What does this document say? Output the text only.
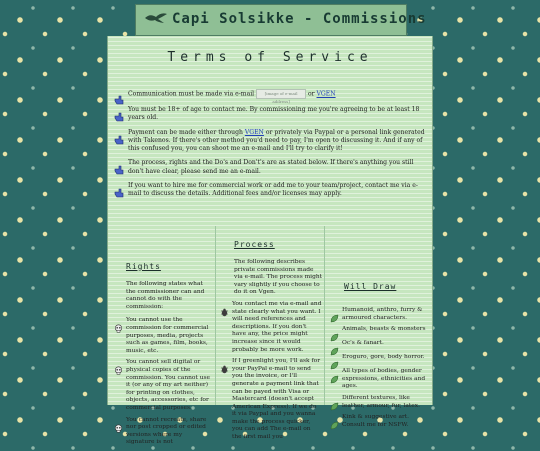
Capi Solsikke - Commissions
Terms of Service
Communication must be made via e-mail [image of e-mail address] or VGEN
You must be 18+ of age to contact me. By commissioning me you're agreeing to be at least 18 years old.
Payment can be made either through VGEN or privately via Paypal or a personal link generated with Takenos. If there's other method you'd need to pay, I'm open to discussing it. And if any of this confused you, you can shoot me an e-mail and I'll try to clarify it!
The process, rights and the Do's and Don't's are as stated below. If there's anything you still don't have clear, please send me an e-mail.
If you want to hire me for commercial work or add me to your team/project, contact me via e-mail to discuss the details. Additional fees and/or licenses may apply.
Rights

The following states what the commissioner can and cannot do with the commission:

You cannot use the commission for commercial purposes, media, projects such as games, film, books, music, etc.
You cannot sell digital or physical copies of the commission. You cannot use it (or any of my art neither) for printing on clothes, objects, accessories, etc for commercial purposes.
You cannot recreate, share nor post cropped or edited versions where my signature is not
Process

The following describes private commissions made via e-mail. The process might vary slightly if you choose to do it on Vgen.

You contact me via e-mail and state clearly what you want. I will need references and descriptions. If you don't have any, the price might increase since it would probably be more work.
If I greenlight you, I'll ask for your PayPal e-mail to send you the invoice, or I'll generate a payment link that can be payed with Visa or Mastercard (doesn't accept American Express). If we do it via Paypal and you wanna make the process quicker, you can add The e-mail on the first mail you
Will Draw
Humanoid, anthro, furry & armoured characters.
Animals, beasts & monsters
Oc's & fanart.
Eroguro, gore, body horror.
All types of bodies, gender expressions, ethnicities and ages.
Different textures, like leather, armour, fur, latex.
Kink & suggestive art. Consult me for NSFW.
